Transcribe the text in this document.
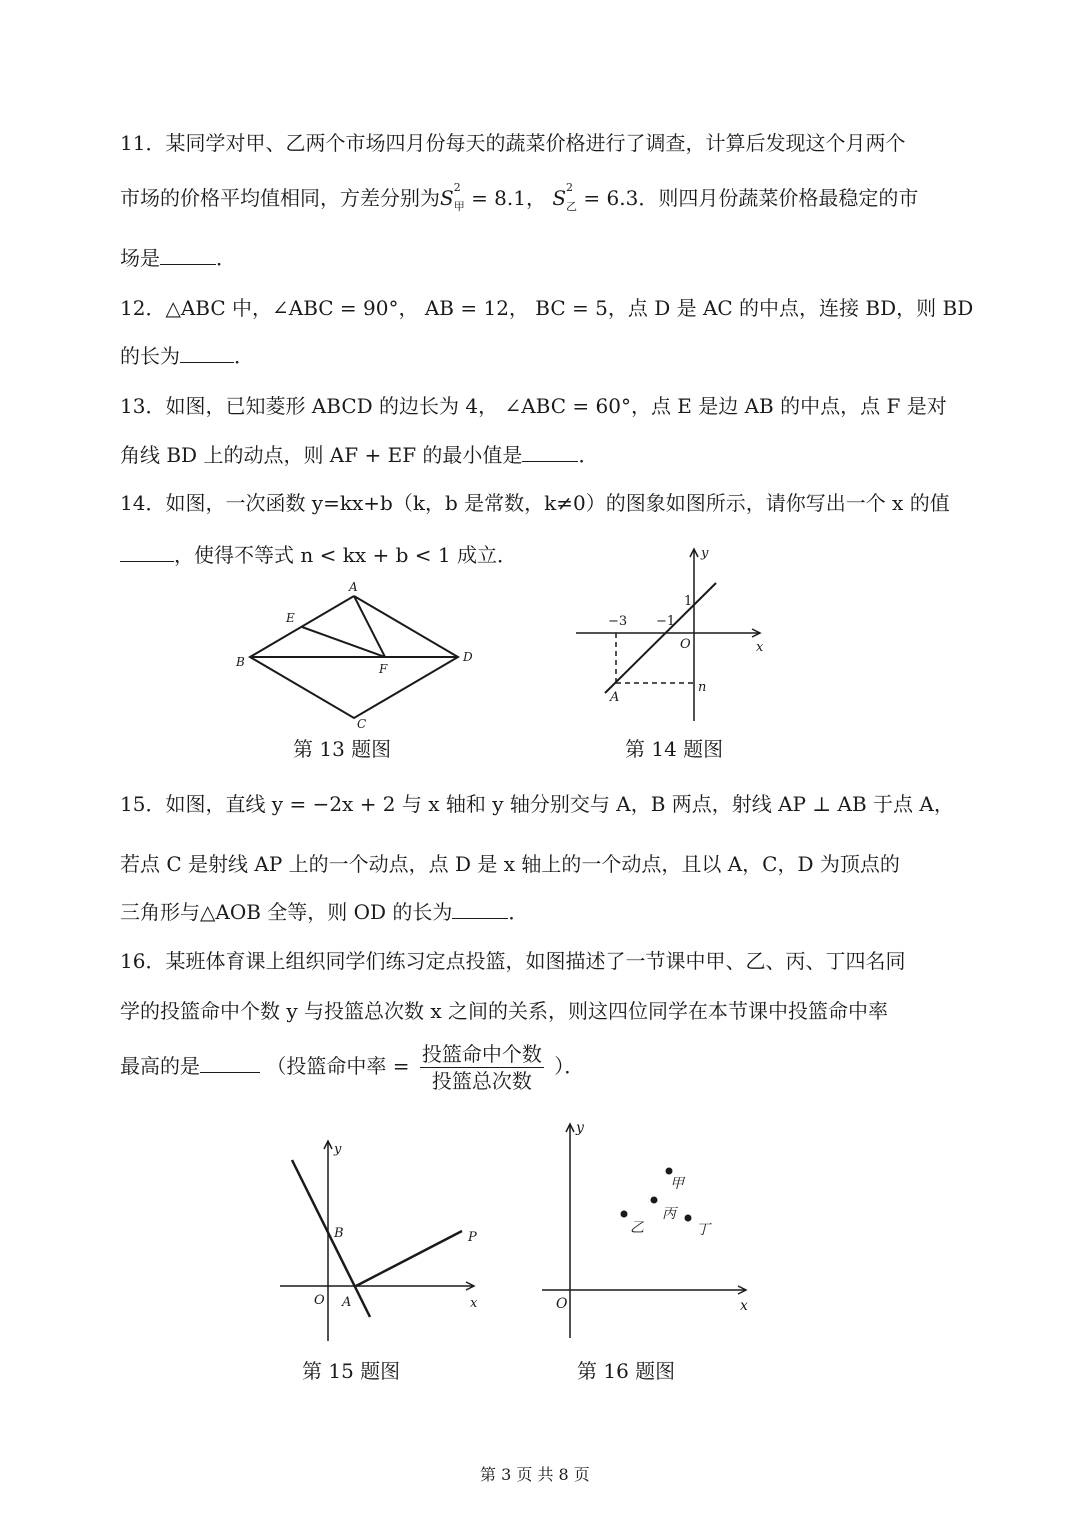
11．某同学对甲、乙两个市场四月份每天的蔬菜价格进行了调查，计算后发现这个月两个
市场的价格平均值相同，方差分别为S 2
$_甲$ = 8.1， S 2
$_乙$ = 6.3．则四月份蔬菜价格最稳定的市
场是	．
12．△ABC 中，∠ABC = 90°， AB = 12， BC = 5，点 D 是 AC 的中点，连接 BD，则 BD
的长为	．
13．如图，已知菱形 ABCD 的边长为 4， ∠ABC = 60°，点 E 是边 AB 的中点，点 F 是对
角线 BD 上的动点，则 AF + EF 的最小值是	．
14．如图，一次函数 y=kx+b（k，b 是常数，k≠0）的图象如图所示，请你写出一个 x 的值
，使得不等式 n < kx + b < 1 成立．
A
E
B	F
D
C
第 13 题图
y
x
O
1
−3 −1
A
n
第 14 题图
15．如图，直线 y = −2x + 2 与 x 轴和 y 轴分别交与 A，B 两点，射线 AP ⊥ AB 于点 A，
若点 C 是射线 AP 上的一个动点，点 D 是 x 轴上的一个动点，且以 A，C，D 为顶点的
三角形与△AOB 全等，则 OD 的长为	．
16．某班体育课上组织同学们练习定点投篮，如图描述了一节课中甲、乙、丙、丁四名同
学的投篮命中个数 y 与投篮总次数 x 之间的关系，则这四位同学在本节课中投篮命中率
最高的是	（投篮命中率 = $\frac{\text{投篮命中个数}}{\text{投篮总次数}}$ ）．
y
x
O A
B	P
第 15 题图
y
x
O
甲
丙
乙	丁
第 16 题图
第 3 页 共 8 页
